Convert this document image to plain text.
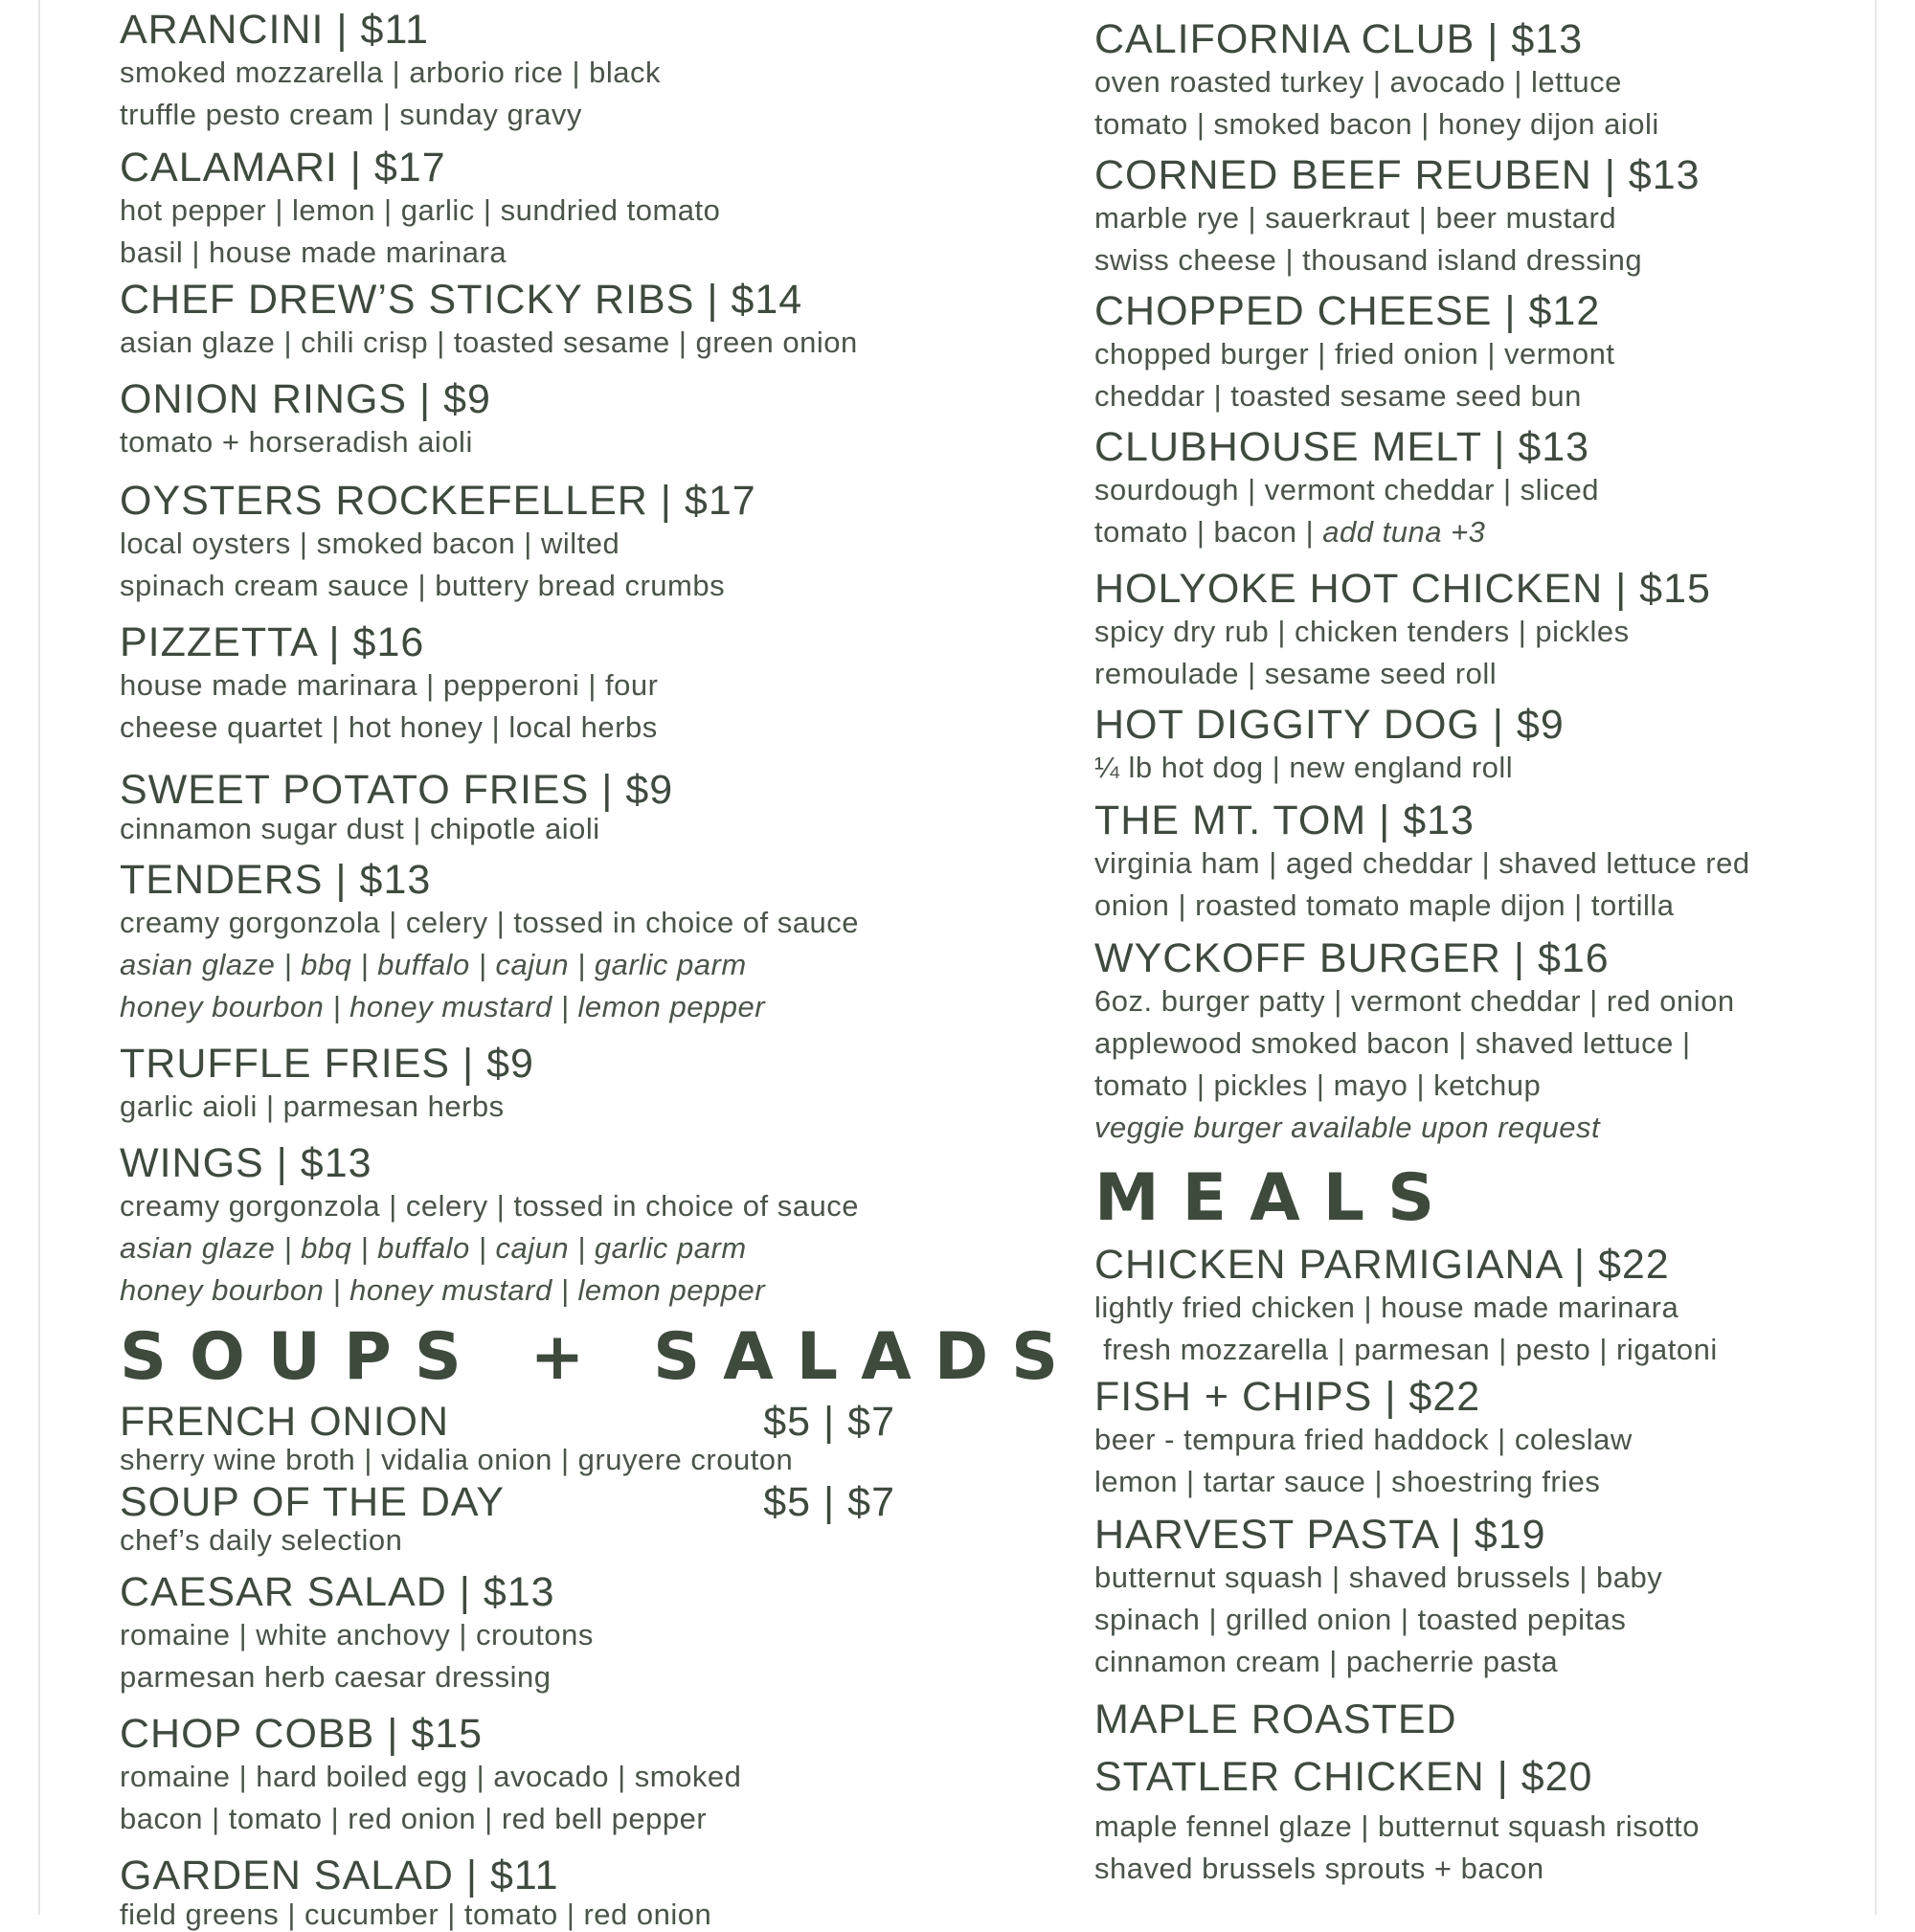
ARANCINI | $11
smoked mozzarella | arborio rice | black
truffle pesto cream | sunday gravy
CALAMARI | $17
hot pepper | lemon | garlic | sundried tomato
basil | house made marinara
CHEF DREW’S STICKY RIBS | $14
asian glaze | chili crisp | toasted sesame | green onion
ONION RINGS | $9
tomato + horseradish aioli
OYSTERS ROCKEFELLER | $17
local oysters | smoked bacon | wilted
spinach cream sauce | buttery bread crumbs
PIZZETTA | $16
house made marinara | pepperoni | four
cheese quartet | hot honey | local herbs
SWEET POTATO FRIES | $9
cinnamon sugar dust | chipotle aioli
TENDERS | $13
creamy gorgonzola | celery | tossed in choice of sauce
asian glaze | bbq | buffalo | cajun | garlic parm
honey bourbon | honey mustard | lemon pepper
TRUFFLE FRIES | $9
garlic aioli | parmesan herbs
WINGS | $13
creamy gorgonzola | celery | tossed in choice of sauce
asian glaze | bbq | buffalo | cajun | garlic parm
honey bourbon | honey mustard | lemon pepper
SOUPS + SALADS
FRENCH ONION	$5 | $7
sherry wine broth | vidalia onion | gruyere crouton
SOUP OF THE DAY	$5 | $7
chef’s daily selection
CAESAR SALAD | $13
romaine | white anchovy | croutons
parmesan herb caesar dressing
CHOP COBB | $15
romaine | hard boiled egg | avocado | smoked
bacon | tomato | red onion | red bell pepper
GARDEN SALAD | $11
field greens | cucumber | tomato | red onion
CALIFORNIA CLUB | $13
oven roasted turkey | avocado | lettuce
tomato | smoked bacon | honey dijon aioli
CORNED BEEF REUBEN | $13
marble rye | sauerkraut | beer mustard
swiss cheese | thousand island dressing
CHOPPED CHEESE | $12
chopped burger | fried onion | vermont
cheddar | toasted sesame seed bun
CLUBHOUSE MELT | $13
sourdough | vermont cheddar | sliced
tomato | bacon | add tuna +3
HOLYOKE HOT CHICKEN | $15
spicy dry rub | chicken tenders | pickles
remoulade | sesame seed roll
HOT DIGGITY DOG | $9
¼ lb hot dog | new england roll
THE MT. TOM | $13
virginia ham | aged cheddar | shaved lettuce red
onion | roasted tomato maple dijon | tortilla
WYCKOFF BURGER | $16
6oz. burger patty | vermont cheddar | red onion
applewood smoked bacon | shaved lettuce |
tomato | pickles | mayo | ketchup
veggie burger available upon request
MEALS
CHICKEN PARMIGIANA | $22
lightly fried chicken | house made marinara
fresh mozzarella | parmesan | pesto | rigatoni
FISH + CHIPS | $22
beer - tempura fried haddock | coleslaw
lemon | tartar sauce | shoestring fries
HARVEST PASTA | $19
butternut squash | shaved brussels | baby
spinach | grilled onion | toasted pepitas
cinnamon cream | pacherrie pasta
MAPLE ROASTED
STATLER CHICKEN | $20
maple fennel glaze | butternut squash risotto
shaved brussels sprouts + bacon
